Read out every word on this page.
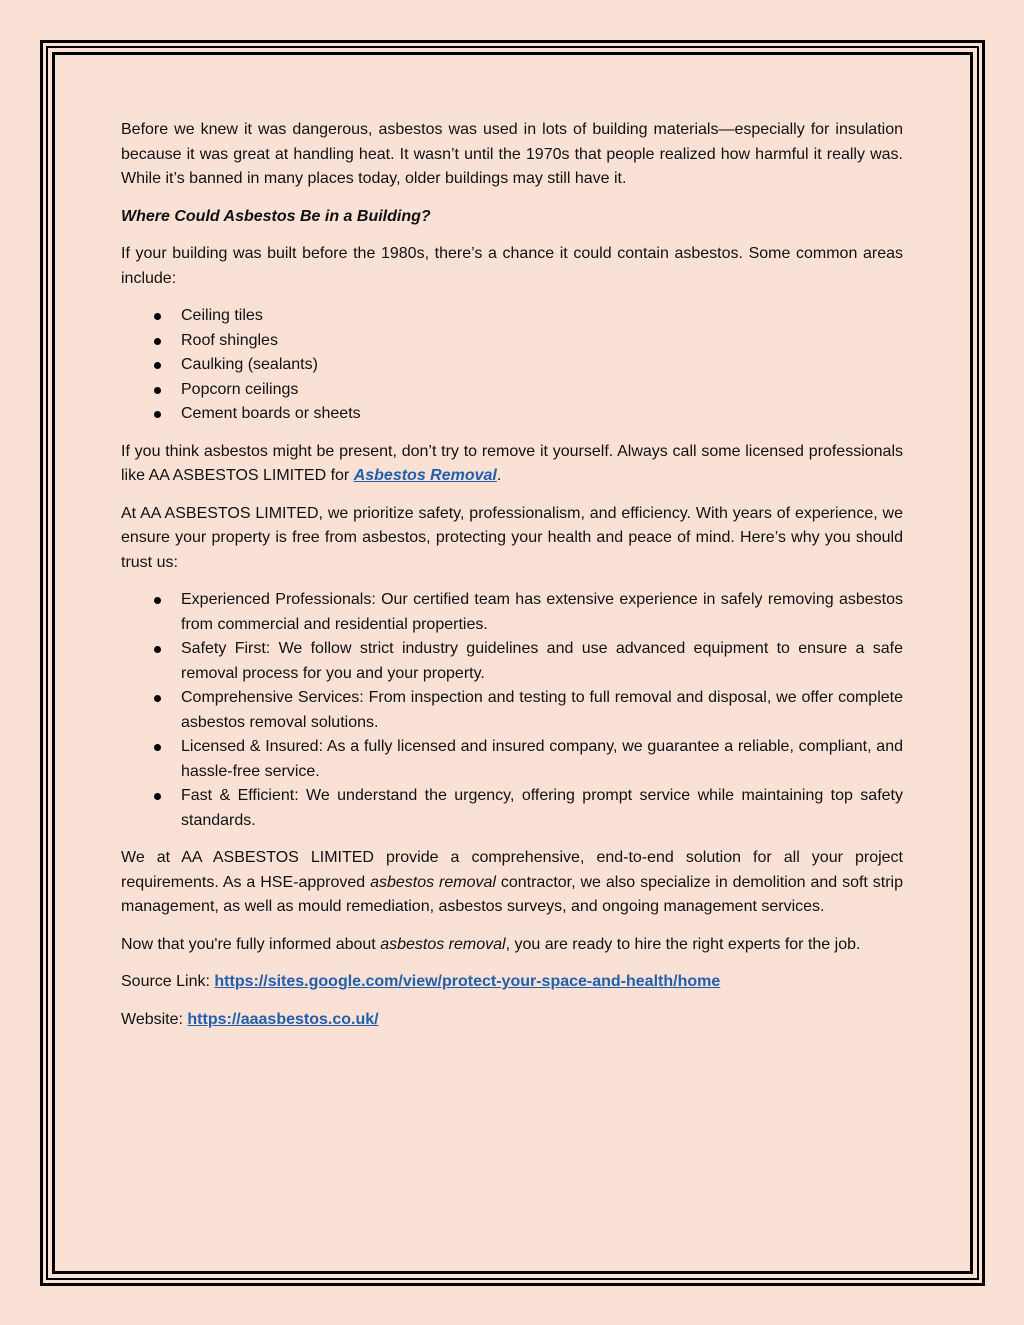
Before we knew it was dangerous, asbestos was used in lots of building materials—especially for insulation because it was great at handling heat. It wasn’t until the 1970s that people realized how harmful it really was. While it’s banned in many places today, older buildings may still have it.

Where Could Asbestos Be in a Building?

If your building was built before the 1980s, there’s a chance it could contain asbestos. Some common areas include:

Ceiling tiles
Roof shingles
Caulking (sealants)
Popcorn ceilings
Cement boards or sheets

If you think asbestos might be present, don’t try to remove it yourself. Always call some licensed professionals like AA ASBESTOS LIMITED for Asbestos Removal.

At AA ASBESTOS LIMITED, we prioritize safety, professionalism, and efficiency. With years of experience, we ensure your property is free from asbestos, protecting your health and peace of mind. Here’s why you should trust us:

Experienced Professionals: Our certified team has extensive experience in safely removing asbestos from commercial and residential properties.
Safety First: We follow strict industry guidelines and use advanced equipment to ensure a safe removal process for you and your property.
Comprehensive Services: From inspection and testing to full removal and disposal, we offer complete asbestos removal solutions.
Licensed & Insured: As a fully licensed and insured company, we guarantee a reliable, compliant, and hassle-free service.
Fast & Efficient: We understand the urgency, offering prompt service while maintaining top safety standards.

We at AA ASBESTOS LIMITED provide a comprehensive, end-to-end solution for all your project requirements. As a HSE-approved asbestos removal contractor, we also specialize in demolition and soft strip management, as well as mould remediation, asbestos surveys, and ongoing management services.

Now that you're fully informed about asbestos removal, you are ready to hire the right experts for the job.

Source Link: https://sites.google.com/view/protect-your-space-and-health/home

Website: https://aaasbestos.co.uk/
